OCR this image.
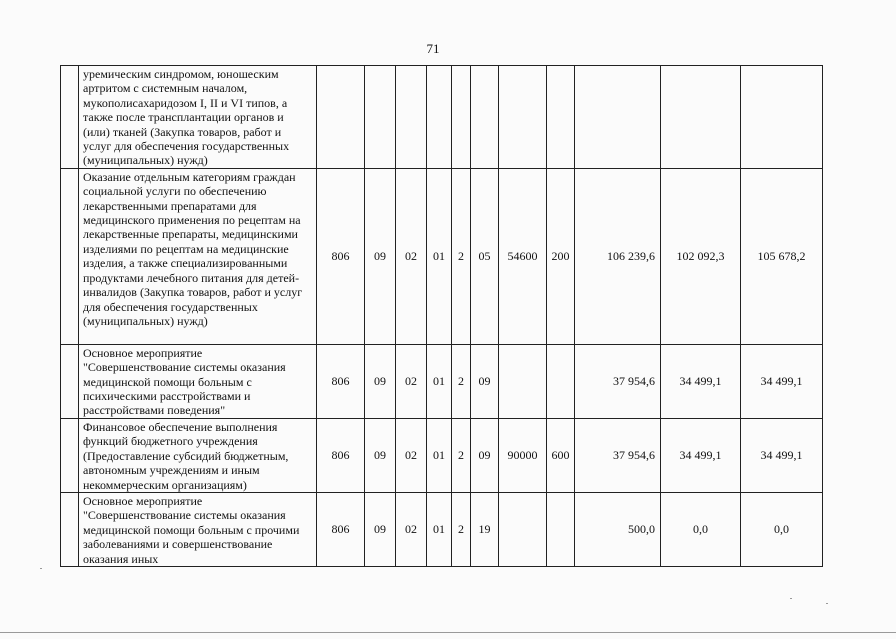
71
	уремическим синдромом, юношеским артритом с системным началом, мукополисахаридозом I, II и VI типов, а также после трансплантации органов и (или) тканей (Закупка товаров, работ и услуг для обеспечения государственных (муниципальных) нужд)											
	Оказание отдельным категориям граждан социальной услуги по обеспечению лекарственными препаратами для медицинского применения по рецептам на лекарственные препараты, медицинскими изделиями по рецептам на медицинские изделия, а также специализированными продуктами лечебного питания для детей-инвалидов (Закупка товаров, работ и услуг для обеспечения государственных (муниципальных) нужд)	806	09	02	01	2	05	54600	200	106 239,6	102 092,3	105 678,2
	Основное мероприятие "Совершенствование системы оказания медицинской помощи больным с психическими расстройствами и расстройствами поведения"	806	09	02	01	2	09			37 954,6	34 499,1	34 499,1
	Финансовое обеспечение выполнения функций бюджетного учреждения (Предоставление субсидий бюджетным, автономным учреждениям и иным некоммерческим организациям)	806	09	02	01	2	09	90000	600	37 954,6	34 499,1	34 499,1
	Основное мероприятие "Совершенствование системы оказания медицинской помощи больным с прочими заболеваниями и совершенствование оказания иных	806	09	02	01	2	19			500,0	0,0	0,0
